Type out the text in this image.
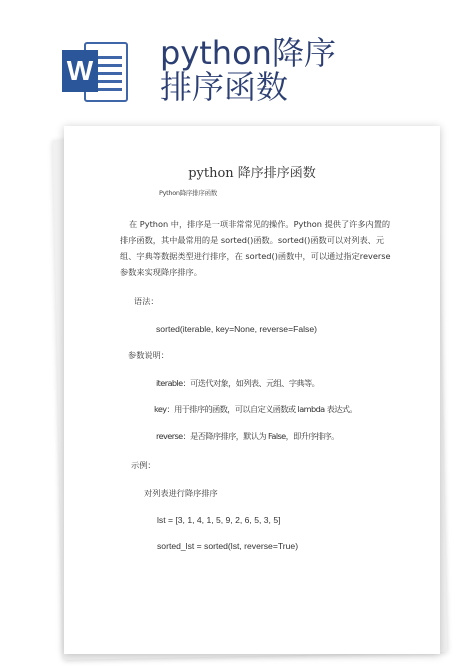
W python降序
排序函数
python 降序排序函数
Python降序排序函数

在 Python 中，排序是一项非常常见的操作。Python 提供了许多内置的排序函数，其中最常用的是 sorted()函数。sorted()函数可以对列表、元组、字典等数据类型进行排序，在 sorted()函数中，可以通过指定reverse 参数来实现降序排序。

语法：
sorted(iterable, key=None, reverse=False)
参数说明：
iterable：可迭代对象，如列表、元组、字典等。
key：用于排序的函数，可以自定义函数或 lambda 表达式。
reverse：是否降序排序，默认为 False，即升序排序。
示例：
对列表进行降序排序
lst = [3, 1, 4, 1, 5, 9, 2, 6, 5, 3, 5]
sorted_lst = sorted(lst, reverse=True)
